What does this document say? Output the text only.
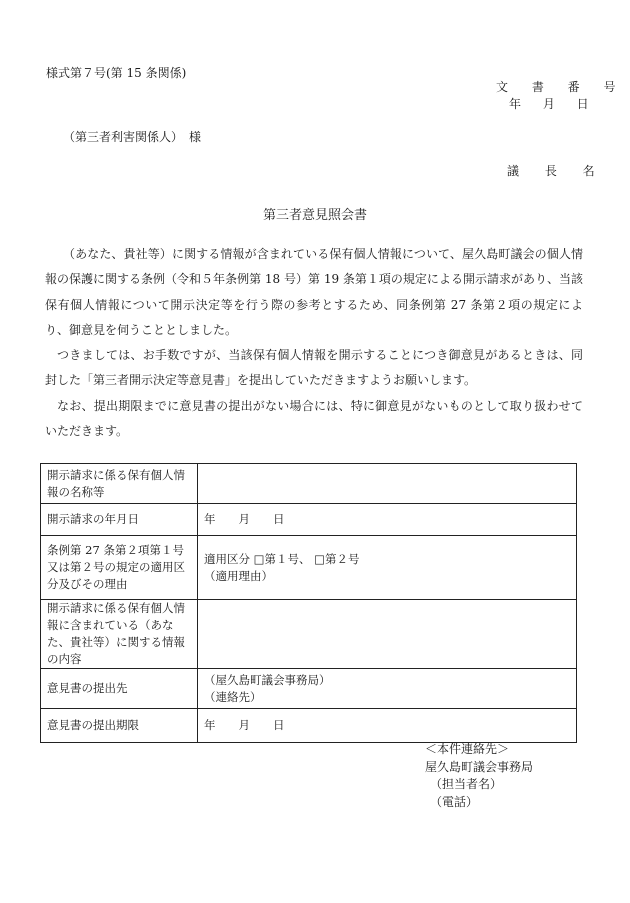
様式第７号(第 15 条関係)
文 書 番 号
年　 月　 日
（第三者利害関係人）　様
議 長 名
第三者意見照会書

（あなた、貴社等）に関する情報が含まれている保有個人情報について、屋久島町議会の個人情報の保護に関する条例（令和５年条例第 18 号）第 19 条第１項の規定による開示請求があり、当該保有個人情報について開示決定等を行う際の参考とするため、同条例第 27 条第２項の規定により、御意見を伺うこととしました。

つきましては、お手数ですが、当該保有個人情報を開示することにつき御意見があるときは、同封した「第三者開示決定等意見書」を提出していただきますようお願いします。

なお、提出期限までに意見書の提出がない場合には、特に御意見がないものとして取り扱わせていただきます。

開示請求に係る保有個人情報の名称等	
開示請求の年月日	年　　月　　日
条例第 27 条第２項第１号又は第２号の規定の適用区分及びその理由	適用区分 □第１号、 □第２号
（適用理由）

開示請求に係る保有個人情報に含まれている（あなた、貴社等）に関する情報の内容	
意見書の提出先	（屋久島町議会事務局）
（連絡先）

意見書の提出期限	年　　月　　日
＜本件連絡先＞
屋久島町議会事務局
（担当者名）
（電話）
